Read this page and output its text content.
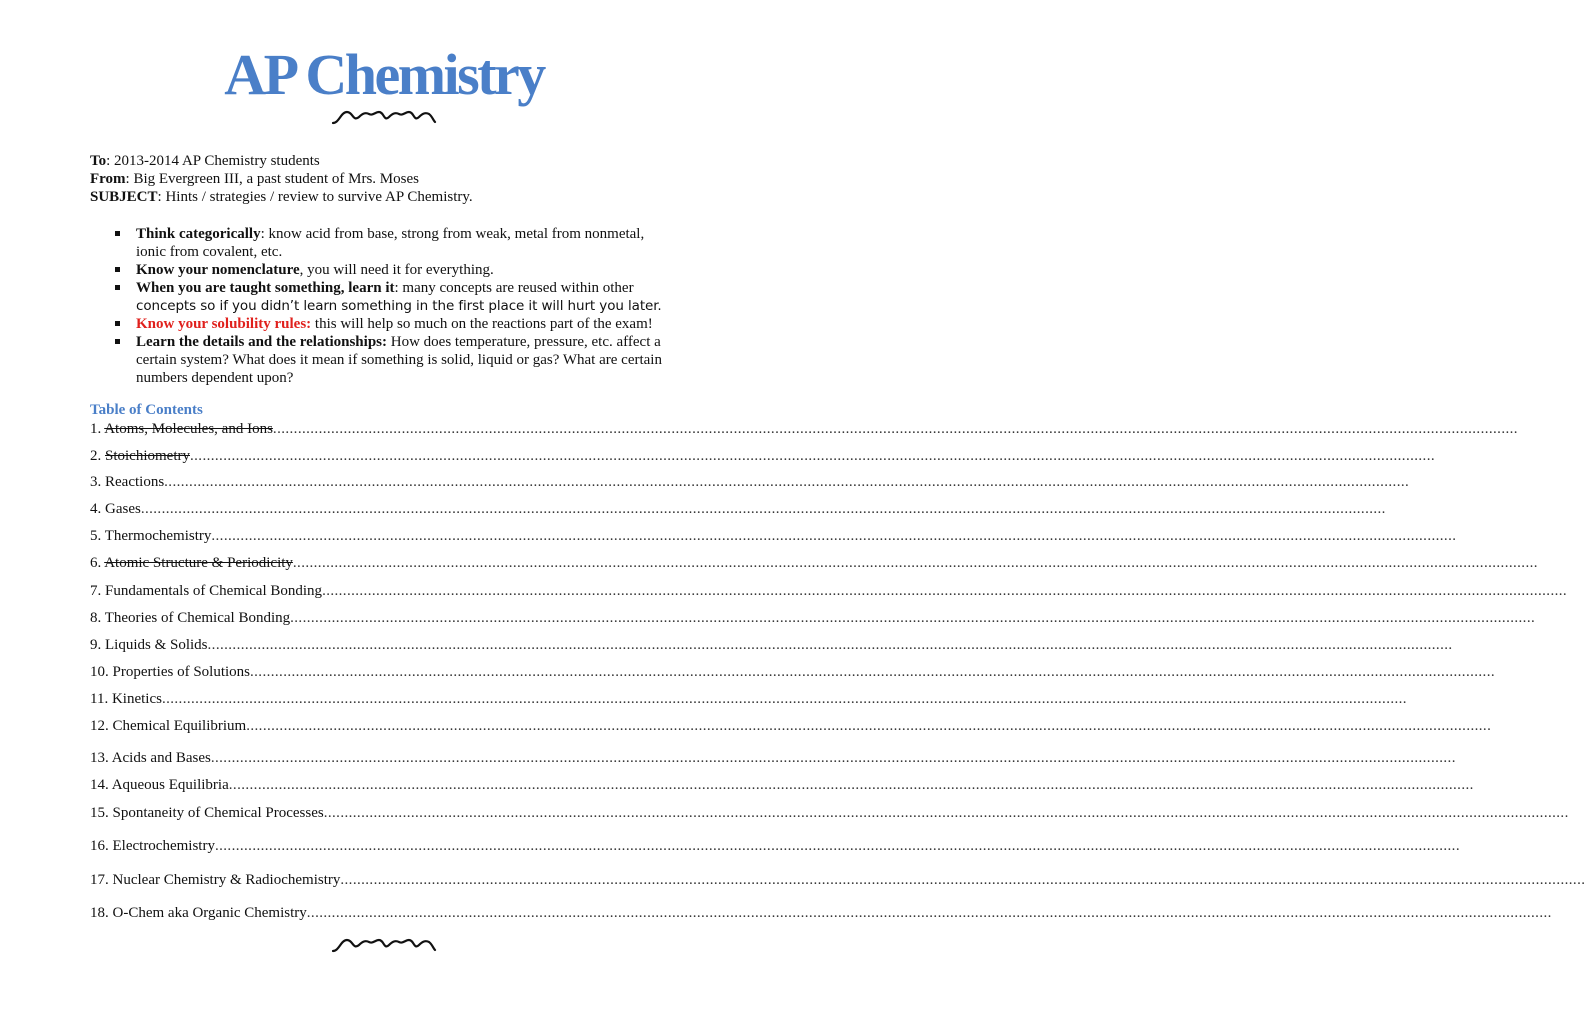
AP Chemistry
To: 2013-2014 AP Chemistry students
From: Big Evergreen III, a past student of Mrs. Moses
SUBJECT: Hints / strategies / review to survive AP Chemistry.
Think categorically: know acid from base, strong from weak, metal from nonmetal,
ionic from covalent, etc.
Know your nomenclature, you will need it for everything.
When you are taught something, learn it: many concepts are reused within other
concepts so if you didn’t learn something in the first place it will hurt you later.
Know your solubility rules: this will help so much on the reactions part of the exam!
Learn the details and the relationships: How does temperature, pressure, etc. affect a
certain system? What does it mean if something is solid, liquid or gas? What are certain
numbers dependent upon?
Table of Contents
1. Atoms, Molecules, and Ions ............................................................................................................................................................................................................................................................................................................
2. Stoichiometry ............................................................................................................................................................................................................................................................................................................
3. Reactions ............................................................................................................................................................................................................................................................................................................
4. Gases ............................................................................................................................................................................................................................................................................................................
5. Thermochemistry ............................................................................................................................................................................................................................................................................................................
6. Atomic Structure & Periodicity ............................................................................................................................................................................................................................................................................................................
7. Fundamentals of Chemical Bonding ............................................................................................................................................................................................................................................................................................................
8. Theories of Chemical Bonding ............................................................................................................................................................................................................................................................................................................
9. Liquids & Solids ............................................................................................................................................................................................................................................................................................................
10. Properties of Solutions ............................................................................................................................................................................................................................................................................................................
11. Kinetics ............................................................................................................................................................................................................................................................................................................
12. Chemical Equilibrium ............................................................................................................................................................................................................................................................................................................
13. Acids and Bases ............................................................................................................................................................................................................................................................................................................
14. Aqueous Equilibria ............................................................................................................................................................................................................................................................................................................
15. Spontaneity of Chemical Processes ............................................................................................................................................................................................................................................................................................................
16. Electrochemistry ............................................................................................................................................................................................................................................................................................................
17. Nuclear Chemistry & Radiochemistry ............................................................................................................................................................................................................................................................................................................
18. O-Chem aka Organic Chemistry ............................................................................................................................................................................................................................................................................................................
